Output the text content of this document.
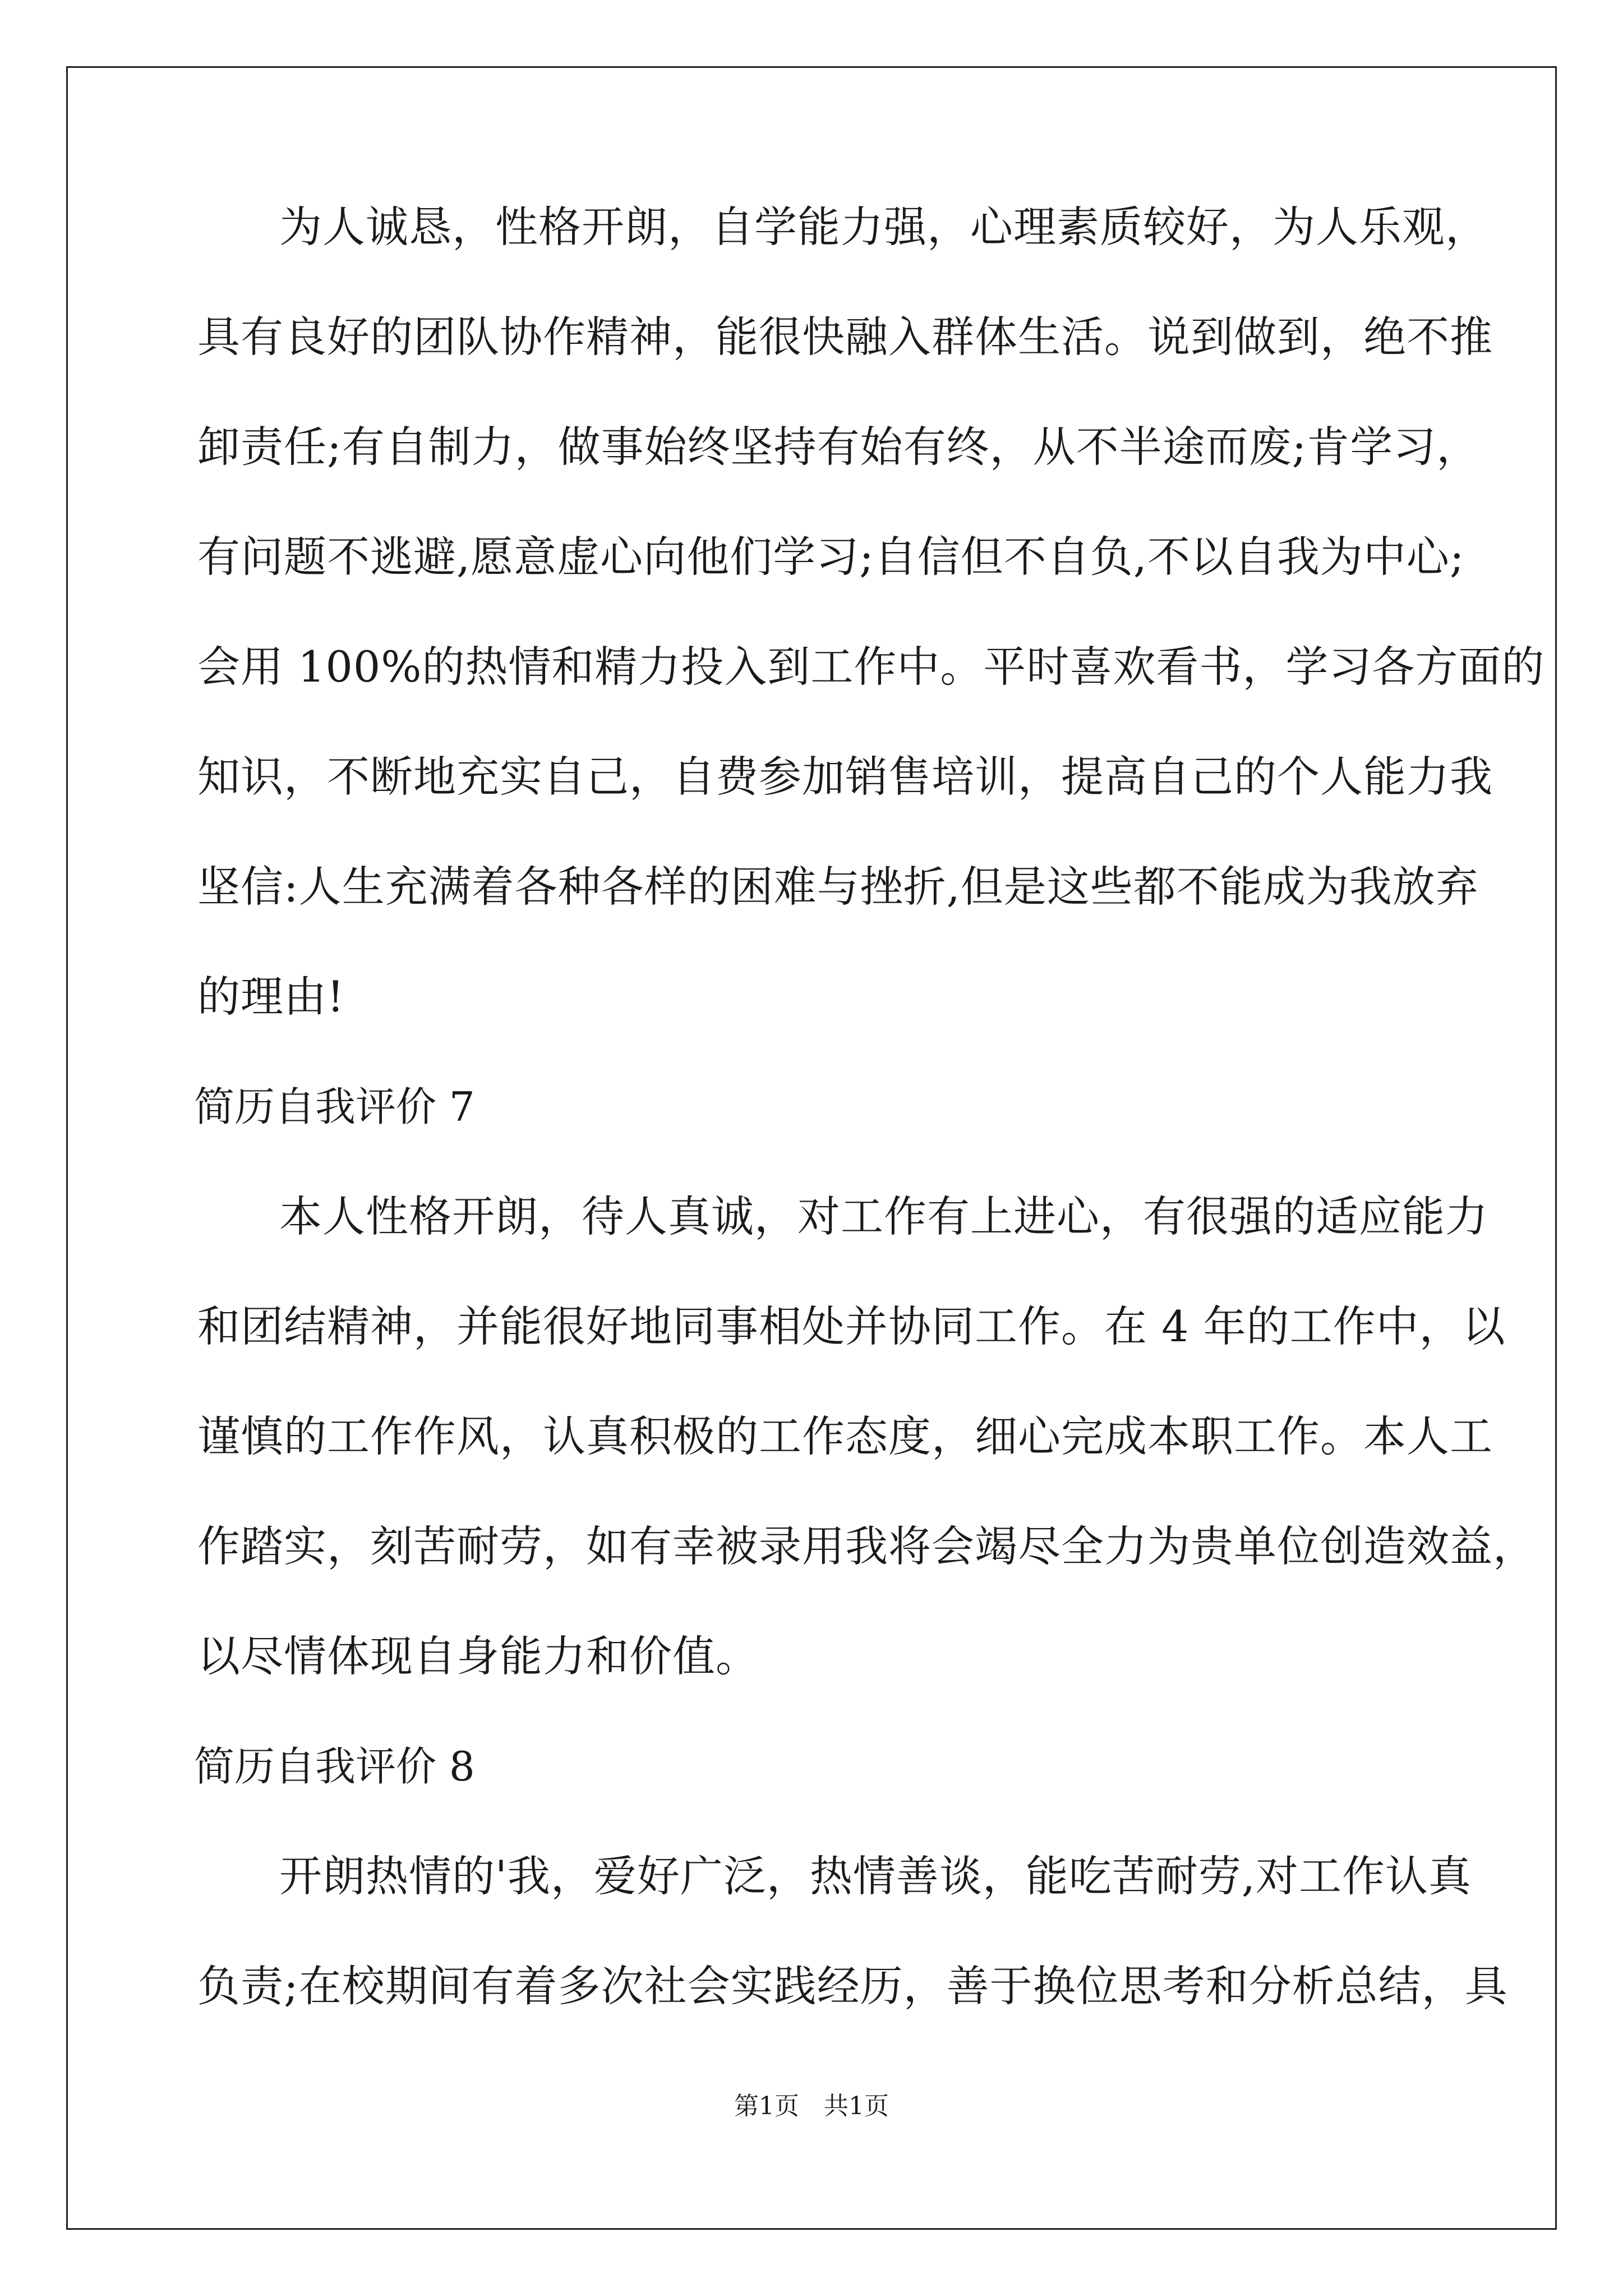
为人诚恳，性格开朗，自学能力强，心理素质较好，为人乐观，
具有良好的团队协作精神，能很快融入群体生活。说到做到，绝不推
卸责任;有自制力，做事始终坚持有始有终，从不半途而废;肯学习，
有问题不逃避,愿意虚心向他们学习;自信但不自负,不以自我为中心;
会用 100%的热情和精力投入到工作中。平时喜欢看书，学习各方面的
知识，不断地充实自己，自费参加销售培训，提高自己的个人能力我
坚信:人生充满着各种各样的困难与挫折,但是这些都不能成为我放弃
的理由!
简历自我评价 7
本人性格开朗，待人真诚，对工作有上进心，有很强的适应能力
和团结精神，并能很好地同事相处并协同工作。在 4 年的工作中，以
谨慎的工作作风，认真积极的工作态度，细心完成本职工作。本人工
作踏实，刻苦耐劳，如有幸被录用我将会竭尽全力为贵单位创造效益，
以尽情体现自身能力和价值。
简历自我评价 8
开朗热情的'我，爱好广泛，热情善谈，能吃苦耐劳,对工作认真
负责;在校期间有着多次社会实践经历，善于换位思考和分析总结，具
第1页　共1页
